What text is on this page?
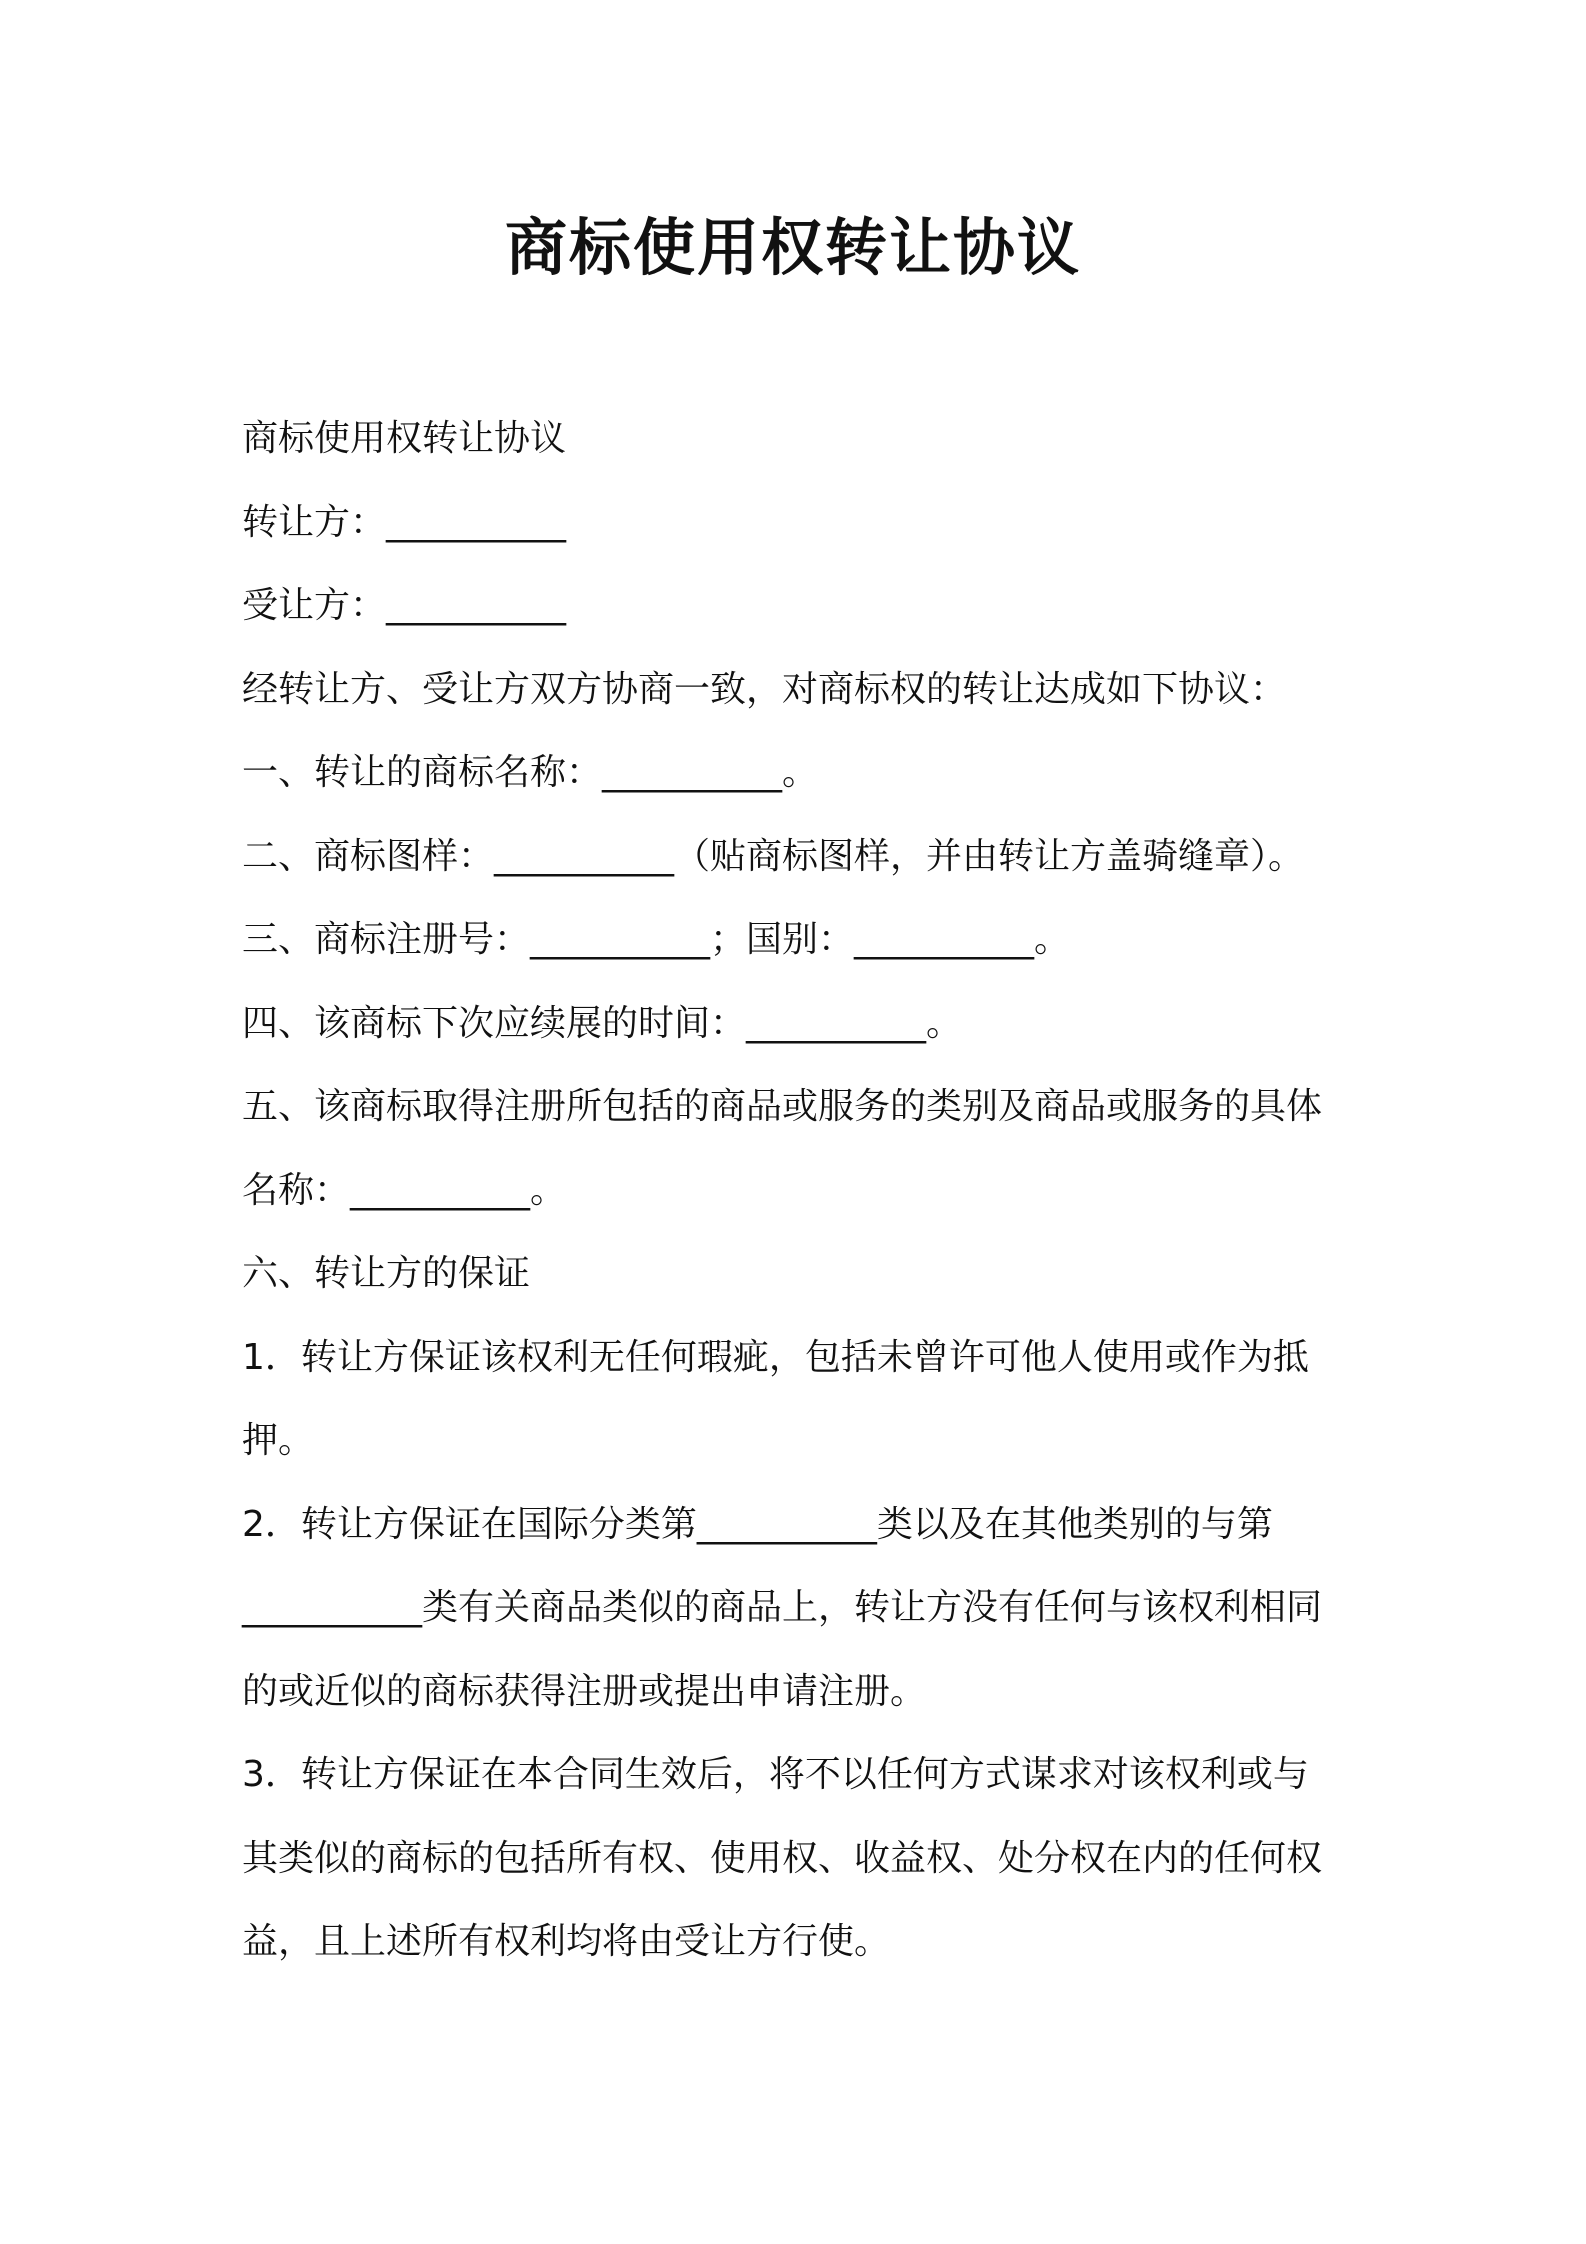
商标使用权转让协议
商标使用权转让协议
转让方：__________
受让方：__________
经转让方、受让方双方协商一致，对商标权的转让达成如下协议：
一、转让的商标名称：__________。
二、商标图样：__________（贴商标图样，并由转让方盖骑缝章）。
三、商标注册号：__________；国别：__________。
四、该商标下次应续展的时间：__________。
五、该商标取得注册所包括的商品或服务的类别及商品或服务的具体
名称：__________。
六、转让方的保证
1．转让方保证该权利无任何瑕疵，包括未曾许可他人使用或作为抵
押。
2．转让方保证在国际分类第__________类以及在其他类别的与第
__________类有关商品类似的商品上，转让方没有任何与该权利相同
的或近似的商标获得注册或提出申请注册。
3．转让方保证在本合同生效后，将不以任何方式谋求对该权利或与
其类似的商标的包括所有权、使用权、收益权、处分权在内的任何权
益，且上述所有权利均将由受让方行使。
